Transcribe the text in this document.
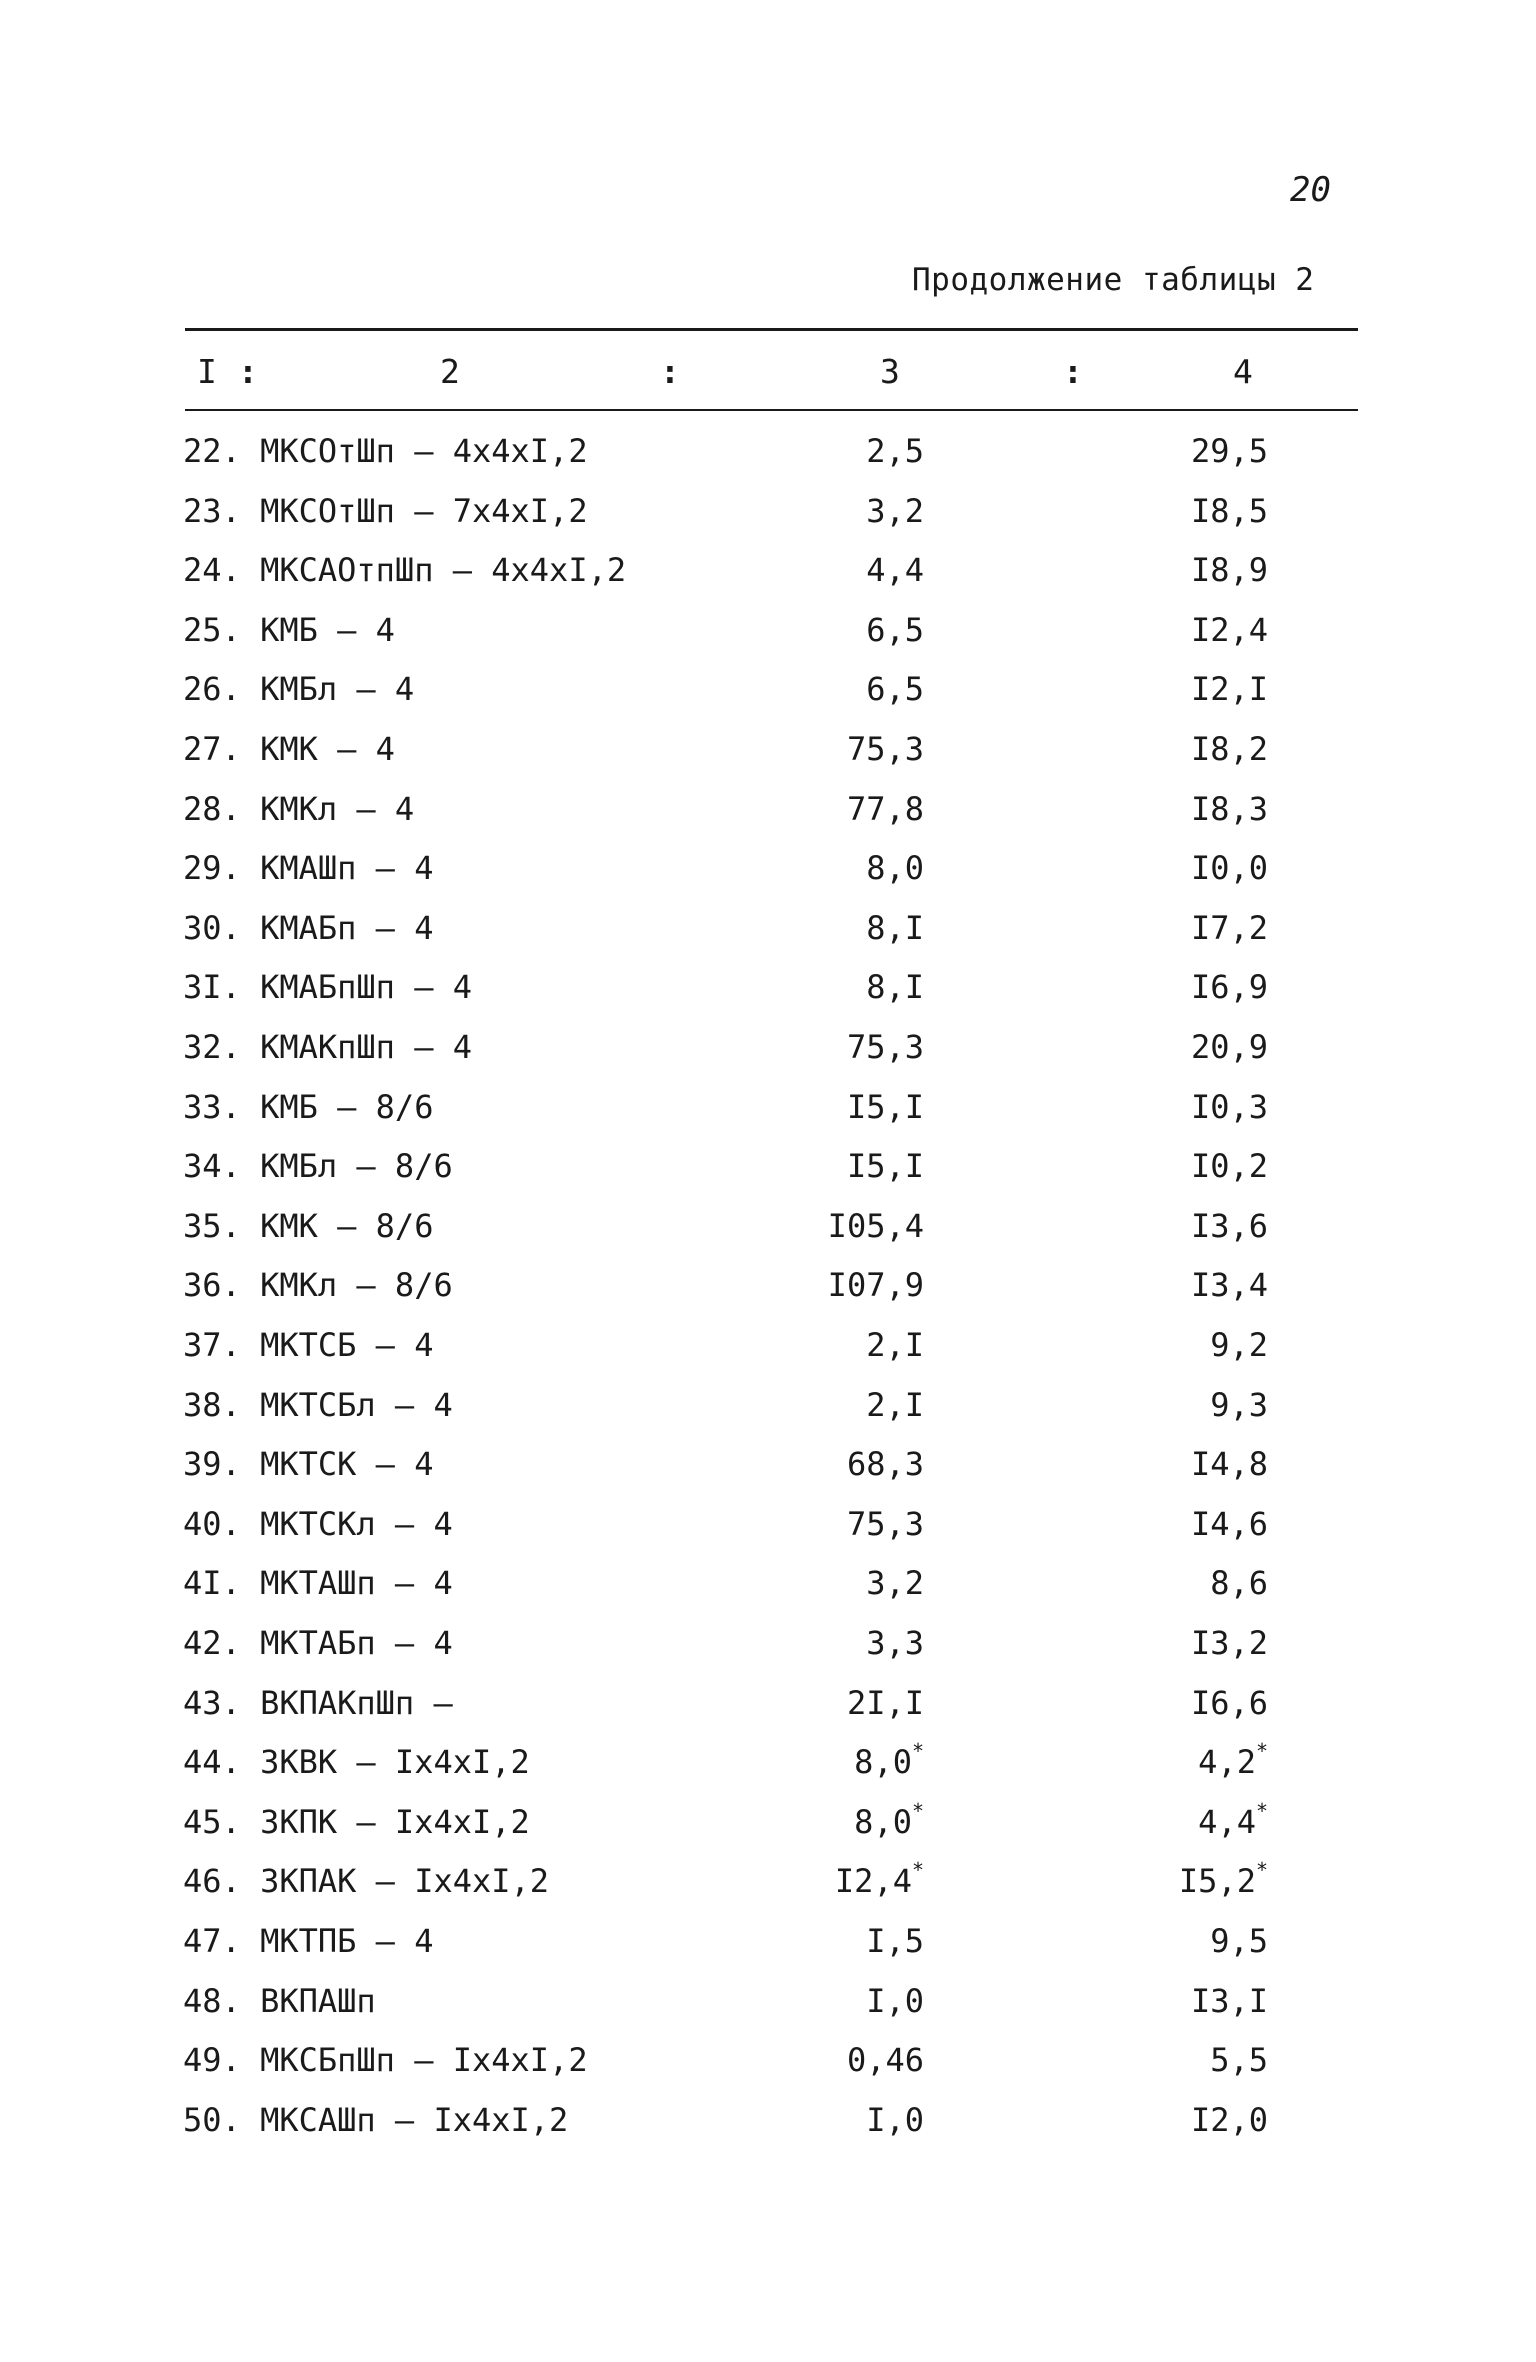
20
Продолжение таблицы 2
I :	2	:	3	:	4
22. МКСОтШп – 4x4xI,2	2,5	29,5
23. МКСОтШп – 7x4xI,2	3,2	I8,5
24. МКСАОтпШп – 4x4xI,2	4,4	I8,9
25. КМБ – 4	6,5	I2,4
26. КМБл – 4	6,5	I2,I
27. КМК – 4	75,3	I8,2
28. КМКл – 4	77,8	I8,3
29. КМАШп – 4	8,0	I0,0
30. КМАБп – 4	8,I	I7,2
3I. КМАБпШп – 4	8,I	I6,9
32. КМАКпШп – 4	75,3	20,9
33. КМБ – 8/6	I5,I	I0,3
34. КМБл – 8/6	I5,I	I0,2
35. КМК – 8/6	I05,4	I3,6
36. КМКл – 8/6	I07,9	I3,4
37. МКТСБ – 4	2,I	9,2
38. МКТСБл – 4	2,I	9,3
39. МКТСК – 4	68,3	I4,8
40. МКТСКл – 4	75,3	I4,6
4I. МКТАШп – 4	3,2	8,6
42. МКТАБп – 4	3,3	I3,2
43. ВКПАКпШп –	2I,I	I6,6
44. ЗКВК – Ix4xI,2	8,0*	4,2*
45. ЗКПК – Ix4xI,2	8,0*	4,4*
46. ЗКПАК – Ix4xI,2	I2,4*	I5,2*
47. МКТПБ – 4	I,5	9,5
48. ВКПАШп	I,0	I3,I
49. МКСБпШп – Ix4xI,2	0,46	5,5
50. МКСАШп – Ix4xI,2	I,0	I2,0
